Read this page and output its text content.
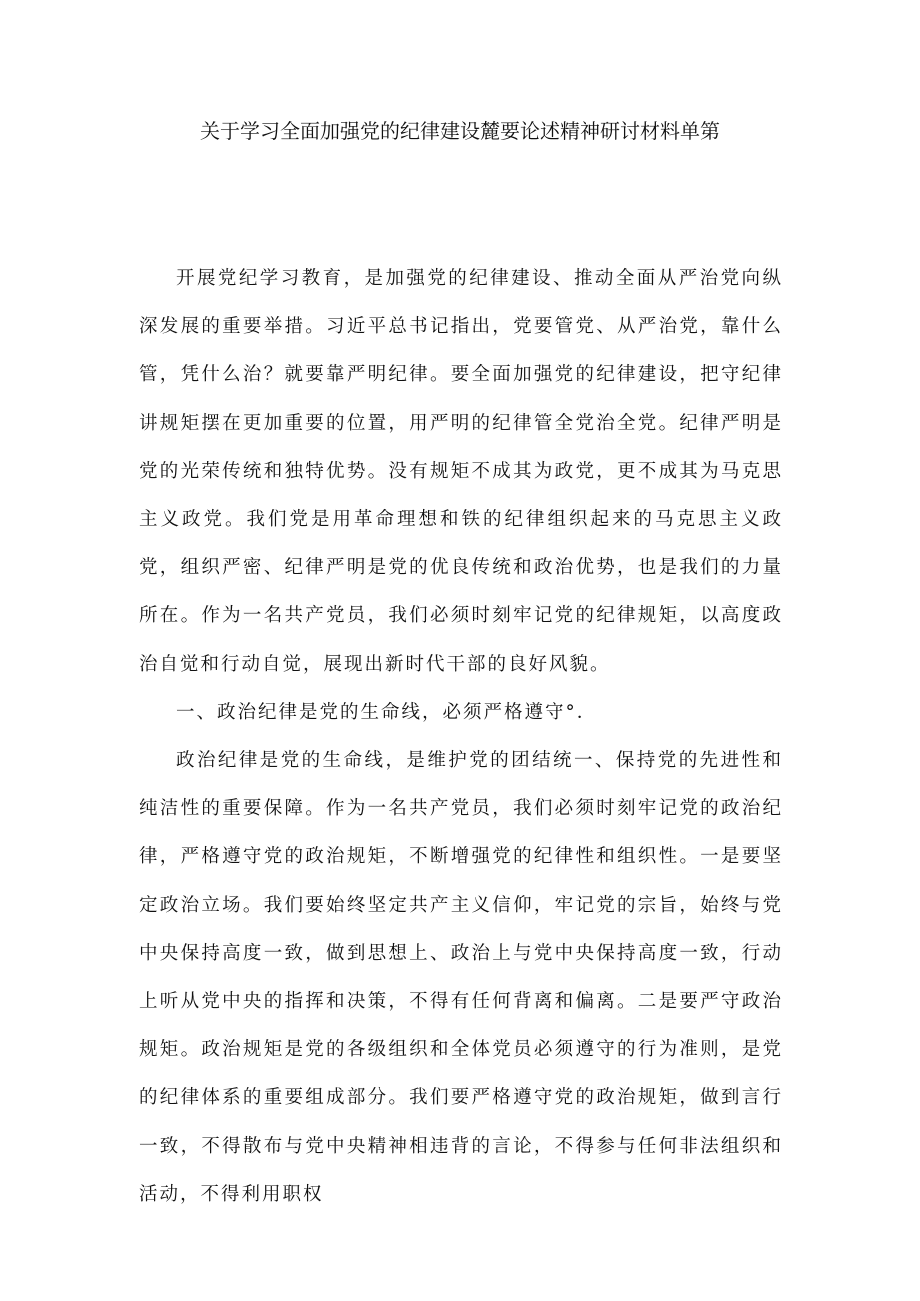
关于学习全面加强党的纪律建设麓要论述精神研讨材料单第

开展党纪学习教育，是加强党的纪律建设、推动全面从严治党向纵深发展的重要举措。习近平总书记指出，党要管党、从严治党，靠什么管，凭什么治？就要靠严明纪律。要全面加强党的纪律建设，把守纪律讲规矩摆在更加重要的位置，用严明的纪律管全党治全党。纪律严明是党的光荣传统和独特优势。没有规矩不成其为政党，更不成其为马克思主义政党。我们党是用革命理想和铁的纪律组织起来的马克思主义政党，组织严密、纪律严明是党的优良传统和政治优势，也是我们的力量所在。作为一名共产党员，我们必须时刻牢记党的纪律规矩，以高度政治自觉和行动自觉，展现出新时代干部的良好风貌。

一、政治纪律是党的生命线，必须严格遵守°．

政治纪律是党的生命线，是维护党的团结统一、保持党的先进性和纯洁性的重要保障。作为一名共产党员，我们必须时刻牢记党的政治纪律，严格遵守党的政治规矩，不断增强党的纪律性和组织性。一是要坚定政治立场。我们要始终坚定共产主义信仰，牢记党的宗旨，始终与党中央保持高度一致，做到思想上、政治上与党中央保持高度一致，行动上听从党中央的指挥和决策，不得有任何背离和偏离。二是要严守政治规矩。政治规矩是党的各级组织和全体党员必须遵守的行为准则，是党的纪律体系的重要组成部分。我们要严格遵守党的政治规矩，做到言行一致，不得散布与党中央精神相违背的言论，不得参与任何非法组织和活动，不得利用职权
